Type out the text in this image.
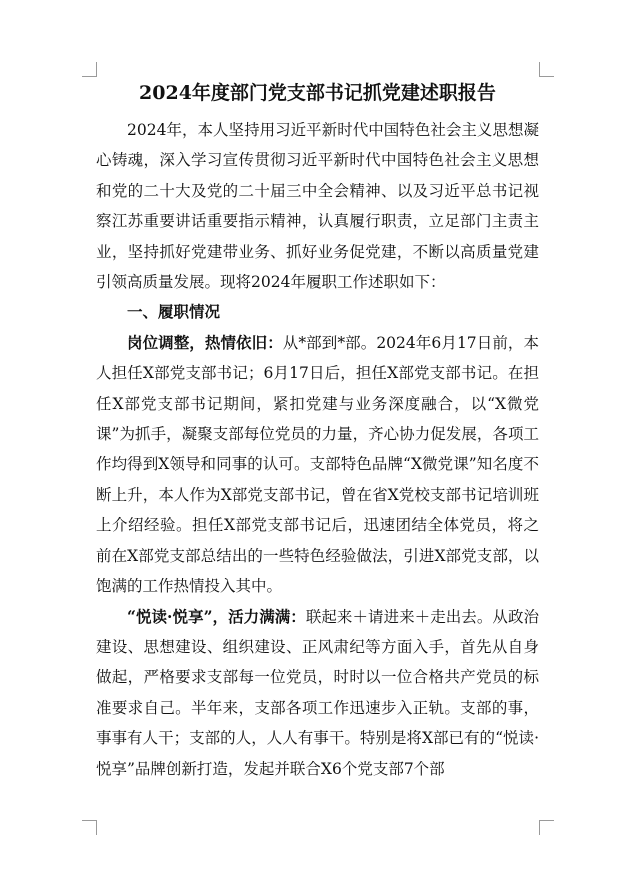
2024年度部门党支部书记抓党建述职报告

2024年，本人坚持用习近平新时代中国特色社会主义思想凝心铸魂，深入学习宣传贯彻习近平新时代中国特色社会主义思想和党的二十大及党的二十届三中全会精神、以及习近平总书记视察江苏重要讲话重要指示精神，认真履行职责，立足部门主责主业，坚持抓好党建带业务、抓好业务促党建，不断以高质量党建引领高质量发展。现将2024年履职工作述职如下：

一、履职情况

岗位调整，热情依旧：从*部到*部。2024年6月17日前，本人担任X部党支部书记；6月17日后，担任X部党支部书记。在担任X部党支部书记期间，紧扣党建与业务深度融合，以“X微党课”为抓手，凝聚支部每位党员的力量，齐心协力促发展，各项工作均得到X领导和同事的认可。支部特色品牌“X微党课”知名度不断上升，本人作为X部党支部书记，曾在省X党校支部书记培训班上介绍经验。担任X部党支部书记后，迅速团结全体党员，将之前在X部党支部总结出的一些特色经验做法，引进X部党支部，以饱满的工作热情投入其中。

“悦读·悦享”，活力满满：联起来＋请进来＋走出去。从政治建设、思想建设、组织建设、正风肃纪等方面入手，首先从自身做起，严格要求支部每一位党员，时时以一位合格共产党员的标准要求自己。半年来，支部各项工作迅速步入正轨。支部的事，事事有人干；支部的人，人人有事干。特别是将X部已有的“悦读·悦享”品牌创新打造，发起并联合X6个党支部7个部
